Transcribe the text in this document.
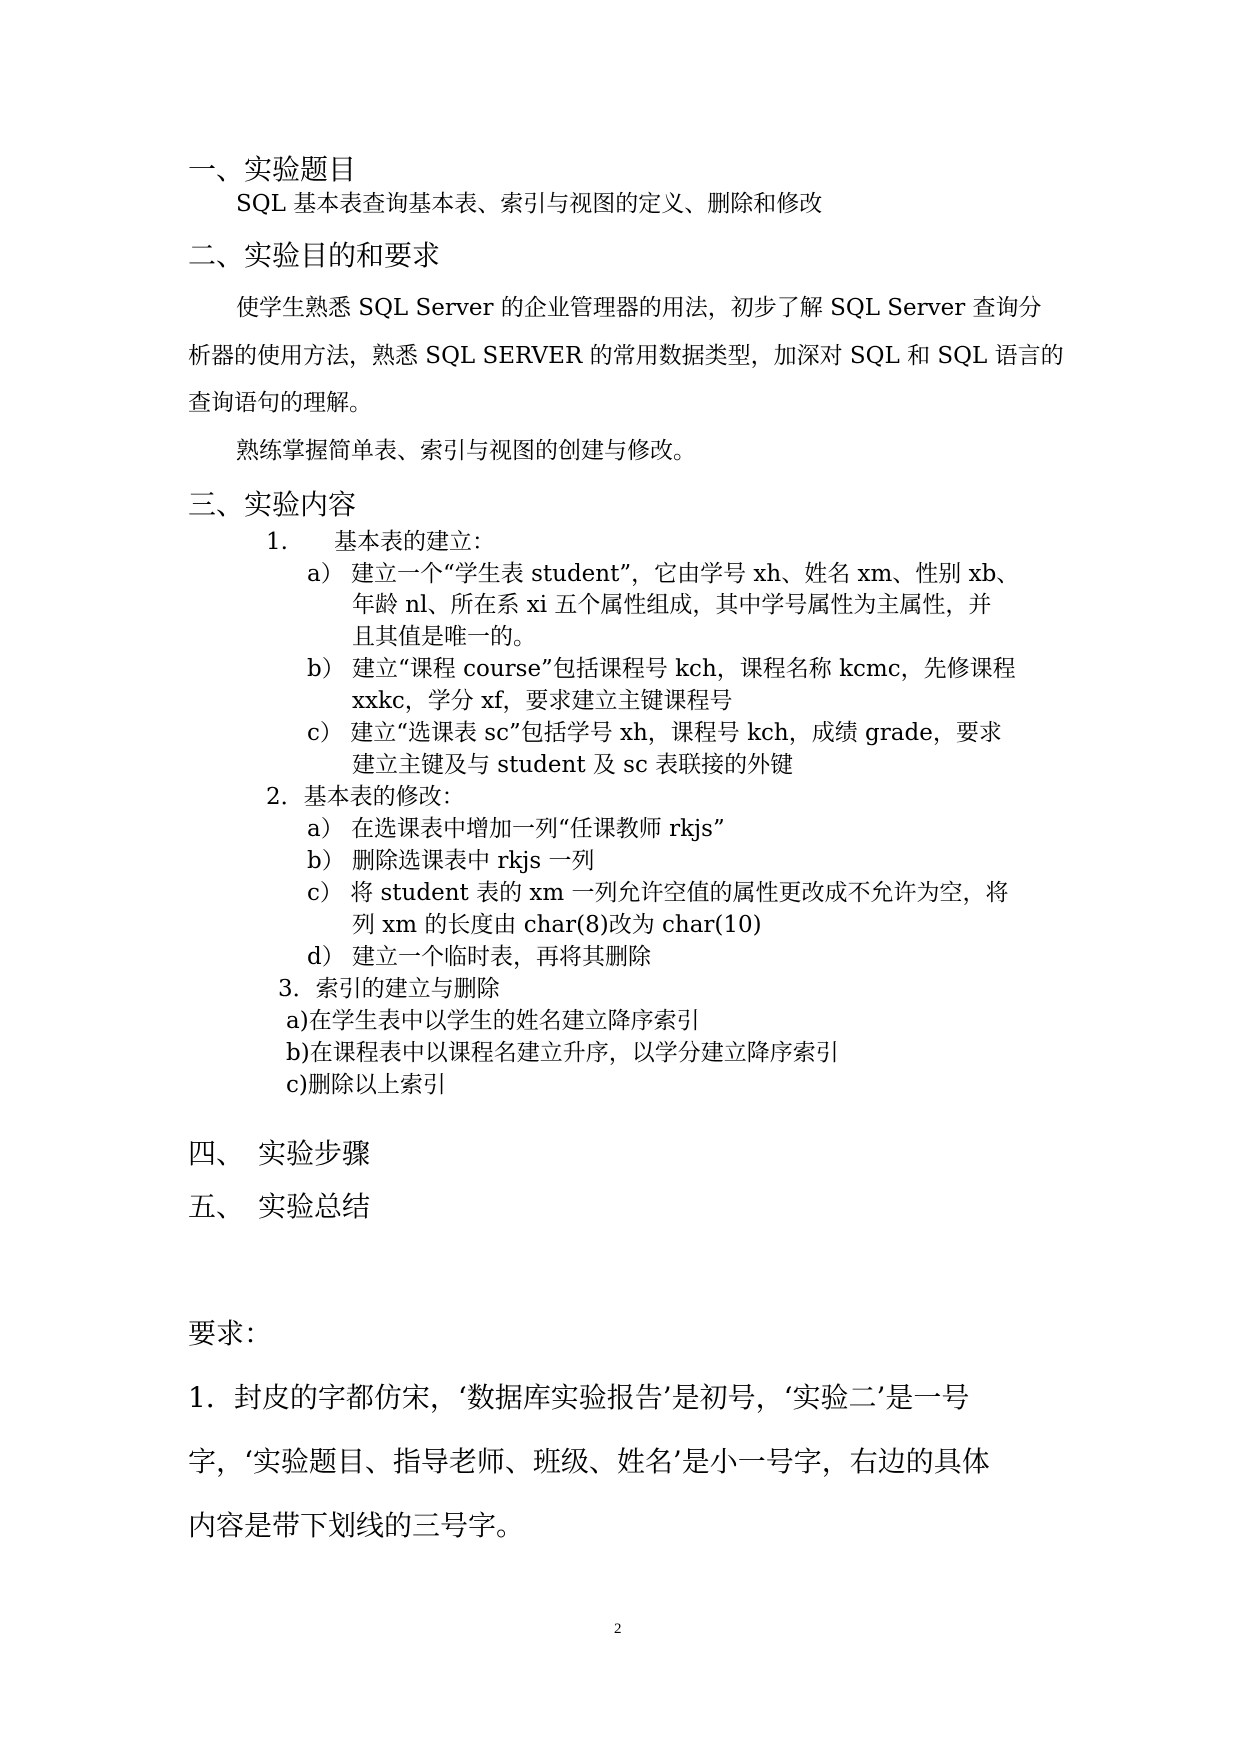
一、实验题目
SQL 基本表查询基本表、索引与视图的定义、删除和修改
二、实验目的和要求
使学生熟悉 SQL Server 的企业管理器的用法，初步了解 SQL Server 查询分
析器的使用方法，熟悉 SQL SERVER 的常用数据类型，加深对 SQL 和 SQL 语言的
查询语句的理解。
熟练掌握简单表、索引与视图的创建与修改。
三、实验内容
1.　　基本表的建立：
a） 建立一个“学生表 student”，它由学号 xh、姓名 xm、性别 xb、
年龄 nl、所在系 xi 五个属性组成，其中学号属性为主属性，并
且其值是唯一的。
b） 建立“课程 course”包括课程号 kch，课程名称 kcmc，先修课程
xxkc，学分 xf，要求建立主键课程号
c） 建立“选课表 sc”包括学号 xh，课程号 kch，成绩 grade，要求
建立主键及与 student 及 sc 表联接的外键
2．基本表的修改：
a） 在选课表中增加一列“任课教师 rkjs”
b） 删除选课表中 rkjs 一列
c） 将 student 表的 xm 一列允许空值的属性更改成不允许为空，将
列 xm 的长度由 char(8)改为 char(10)
d） 建立一个临时表，再将其删除
3．索引的建立与删除
a)在学生表中以学生的姓名建立降序索引
b)在课程表中以课程名建立升序，以学分建立降序索引
c)删除以上索引
四、　实验步骤
五、　实验总结
要求：
1．封皮的字都仿宋，‘数据库实验报告’是初号，‘实验二’是一号
字，‘实验题目、指导老师、班级、姓名’是小一号字，右边的具体
内容是带下划线的三号字。
2
